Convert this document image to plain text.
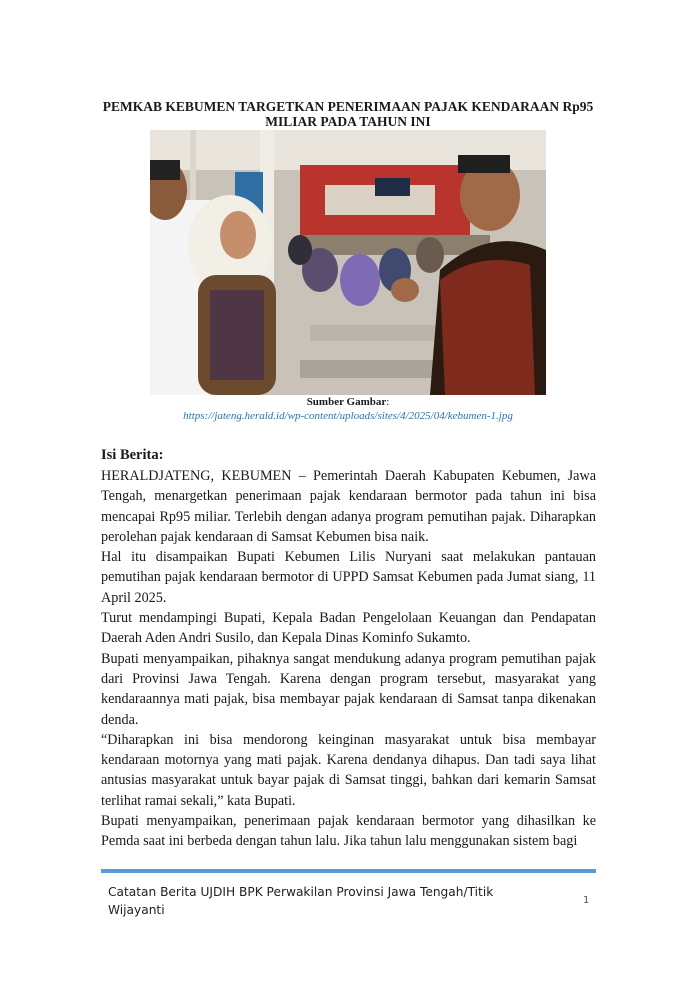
PEMKAB KEBUMEN TARGETKAN PENERIMAAN PAJAK KENDARAAN Rp95 MILIAR PADA TAHUN INI
Sumber Gambar:
https://jateng.herald.id/wp-content/uploads/sites/4/2025/04/kebumen-1.jpg
Isi Berita:

HERALDJATENG, KEBUMEN – Pemerintah Daerah Kabupaten Kebumen, Jawa Tengah, menargetkan penerimaan pajak kendaraan bermotor pada tahun ini bisa mencapai Rp95 miliar. Terlebih dengan adanya program pemutihan pajak. Diharapkan perolehan pajak kendaraan di Samsat Kebumen bisa naik.

Hal itu disampaikan Bupati Kebumen Lilis Nuryani saat melakukan pantauan pemutihan pajak kendaraan bermotor di UPPD Samsat Kebumen pada Jumat siang, 11 April 2025.

Turut mendampingi Bupati, Kepala Badan Pengelolaan Keuangan dan Pendapatan Daerah Aden Andri Susilo, dan Kepala Dinas Kominfo Sukamto.

Bupati menyampaikan, pihaknya sangat mendukung adanya program pemutihan pajak dari Provinsi Jawa Tengah. Karena dengan program tersebut, masyarakat yang kendaraannya mati pajak, bisa membayar pajak kendaraan di Samsat tanpa dikenakan denda.

“Diharapkan ini bisa mendorong keinginan masyarakat untuk bisa membayar kendaraan motornya yang mati pajak. Karena dendanya dihapus. Dan tadi saya lihat antusias masyarakat untuk bayar pajak di Samsat tinggi, bahkan dari kemarin Samsat terlihat ramai sekali,” kata Bupati.

Bupati menyampaikan, penerimaan pajak kendaraan bermotor yang dihasilkan ke Pemda saat ini berbeda dengan tahun lalu. Jika tahun lalu menggunakan sistem bagi

Catatan Berita UJDIH BPK Perwakilan Provinsi Jawa Tengah/Titik Wijayanti
1
